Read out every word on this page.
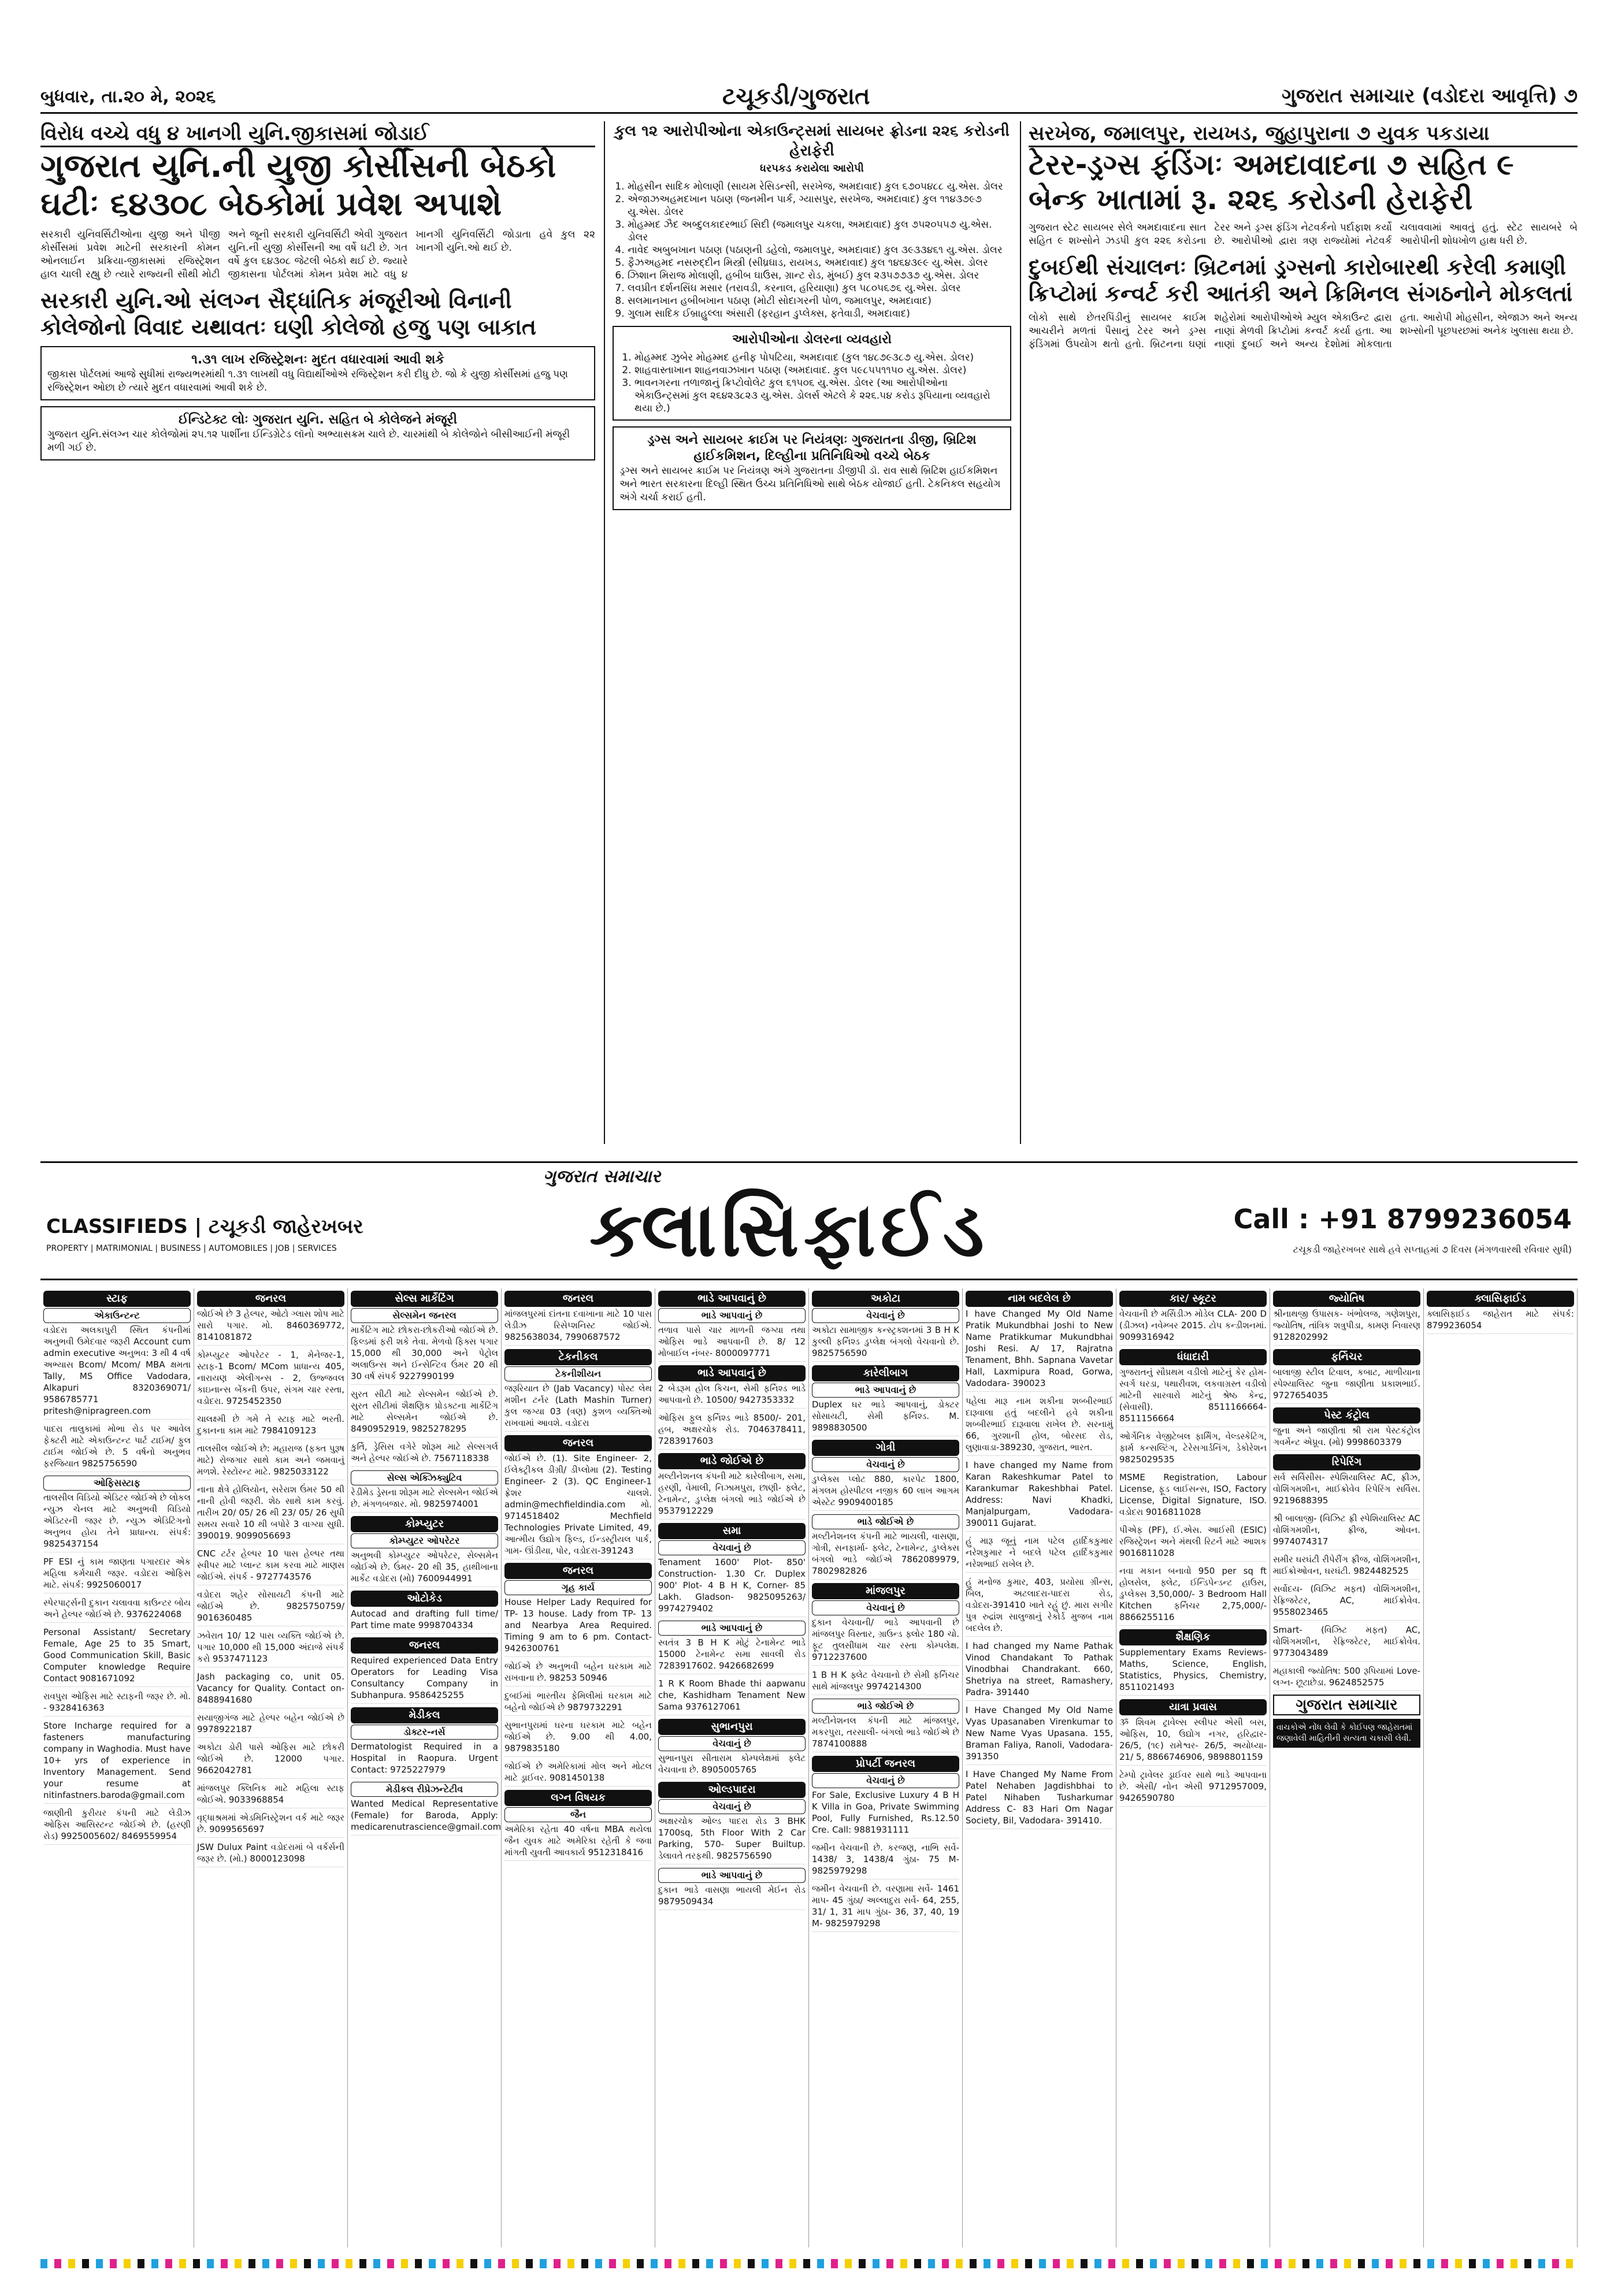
બુધવાર, તા.૨૦ મે, ૨૦૨૬	ટચૂકડી/ગુજરાત	ગુજરાત સમાચાર (વડોદરા આવૃત્તિ) ૭
વિરોધ વચ્ચે વધુ ૪ ખાનગી યુનિ.જીકાસમાં જોડાઈ
ગુજરાત યુનિ.ની યુજી કોર્સીસની બેઠકો ઘટીઃ ૬૪૩૦૮ બેઠકોમાં પ્રવેશ અપાશે
સરકારી યુનિવર્સિટીઓના યુજી અને પીજી કોર્સીસમાં પ્રવેશ માટેની સરકારની કોમન ઓનલાઈન પ્રક્રિયા-જીકાસમાં રજિસ્ટ્રેશન હાલ ચાલી રહ્યુ છે ત્યારે રાજ્યની સૌથી મોટી અને જૂની સરકારી યુનિવર્સિટી એવી ગુજરાત યુનિ.ની યુજી કોર્સીસની આ વર્ષે ઘટી છે. ગત વર્ષે કુલ ૬૪૩૦૮ જેટલી બેઠકો થઈ છે. જ્યારે જીકાસના પોર્ટલમાં કોમન પ્રવેશ માટે વધુ ૪ ખાનગી યુનિવર્સિટી જોડાતા હવે કુલ ૨૨ ખાનગી યુનિ.ઓ થઈ છે.
સરકારી યુનિ.ઓ સંલગ્ન સૈદ્ધાંતિક મંજૂરીઓ વિનાની કોલેજોનો વિવાદ યથાવતઃ ઘણી કોલેજો હજુ પણ બાકાત
૧.૩૧ લાખ રજિસ્ટ્રેશનઃ મુદત વધારવામાં આવી શકે
જીકાસ પોર્ટલમાં આજે સુધીમાં રાજ્યભરમાંથી ૧.૩૧ લાખથી વધુ વિદ્યાર્થીઓએ રજિસ્ટ્રેશન કરી દીધુ છે. જો કે યુજી કોર્સીસમાં હજુ પણ રજિસ્ટ્રેશન ઓછા છે ત્યારે મુદત વધારવામાં આવી શકે છે.
ઈન્ડિટેક્ટ લોઃ ગુજરાત યુનિ. સહિત બે કોલેજને મંજૂરી
ગુજરાત યુનિ.સંલગ્ન ચાર કોલેજોમાં ૨૫.૧૨ પાર્શીના ઈન્ડિગ્રેટેડ લૉનો અભ્યાસક્રમ ચાલે છે. ચારમાંથી બે કોલેજોને બીસીઆઈની મંજૂરી મળી ગઈ છે.
કુલ ૧૨ આરોપીઓના એકાઉન્ટ્સમાં સાયબર ફ્રોડના ૨૨૬ કરોડની હેરાફેરી
ધરપકડ કરાયેલા આરોપી
1. મોહસીન સાદિક મોલાણી (સાયમ રેસિડન્સી, સરખેજ, અમદાવાદ) કુલ ૬૭૦૫૪૮૮ યુ.એસ. ડોલર
2. એજાઝઅહમદખાન પઠાણ (જનમીન પાર્ક, ગ્યાસપુર, સરખેજ, અમદાવાદ) કુલ ૧૧૪૩૭૯૭ યુ.એસ. ડોલર
3. મોહમ્મદ ઝૈદ અબ્દુલકાદરભાઈ સિદી (જમાલપુર ચકલા, અમદાવાદ) કુલ ૭૫૨૦૫૫૭ યુ.એસ. ડોલર
4. નાવેદ અબુબખાન પઠાણ (પઠાણની ડહેલો, જમાલપુર, અમદાવાદ) કુલ ૩૯૩૩૪૬૧ યુ.એસ. ડોલર
5. ફૈઝઅહમદ નસરુદ્દીન મિસ્ત્રી (સીધ્રઘાડ, રાયખડ, અમદાવાદ) કુલ ૧૪૬૪૩૯૯ યુ.એસ. ડોલર
6. ઝિશાન મિરાજ મોલાણી, હબીબ ઘાઉસ, ગ્રાન્ટ રોડ, મુંબઈ) કુલ ૨૩૫૭૭૩૭ યુ.એસ. ડોલર
7. લવપ્રીત દર્શનસિંઘ મસાર (તરાવડી, કરનાલ, હરિયાણા) કુલ ૫૮૦૫૬૭૬ યુ.એસ. ડોલર
8. સલમાનખાન હબીબખાન પઠાણ (મોટી સોદાગરની પોળ, જમાલપુર, અમદાવાદ)
9. ગુલામ સાદિક ઈબ્રાહુલ્લા અંસારી (ફરહાન ડુપ્લેક્સ, ફતેવાડી, અમદાવાદ)
આરોપીઓના ડોલરના વ્યવહારો
1. મોહમ્મદ ઝુબેર મોહમ્મદ હનીફ પોપટિયા, અમદાવાદ (કુલ ૧૪૮૭૯૩૮૭ યુ.એસ. ડોલર)
2. શાહવાસ્તાખાન શાહનવાઝખાન પઠાણ (અમદાવાદ. કુલ ૫૯૮૫૫૧૧૫૦ યુ.એસ. ડોલર)
3. ભાવનગરના તળાજાનું ક્રિપ્ટોવોલેટ કુલ ૬૧૫૦૬ યુ.એસ. ડોલર (આ આરોપીઓના એકાઉન્ટ્સમાં કુલ ૨૬૪૨૩૮૨૩ યુ.એસ. ડોલર્સ એટલે કે ૨૨૬.૫૪ કરોડ રૂપિયાના વ્યવહારો થયા છે.)
ડ્રગ્સ અને સાયબર ક્રાઈમ પર નિયંત્રણઃ ગુજરાતના ડીજી, બ્રિટિશ હાઈકમિશન, દિલ્હીના પ્રતિનિધિઓ વચ્ચે બેઠક
ડ્રગ્સ અને સાયબર ક્રાઈમ પર નિયંત્રણ અંગે ગુજરાતના ડીજીપી ડૉ. રાવ સાથે બ્રિટિશ હાઈકમિશન અને ભારત સરકારના દિલ્હી સ્થિત ઉચ્ચ પ્રતિનિધિઓ સાથે બેઠક યોજાઈ હતી. ટેકનિકલ સહયોગ અંગે ચર્ચા કરાઈ હતી.
સરખેજ, જમાલપુર, રાયખડ, જુહાપુરાના ૭ યુવક પકડાયા
ટેરર-ડ્રગ્સ ફંડિંગઃ અમદાવાદના ૭ સહિત ૯ બેન્ક ખાતામાં રૂ. ૨૨૬ કરોડની હેરાફેરી
ગુજરાત સ્ટેટ સાયબર સેલે અમદાવાદના સાત સહિત ૯ શખ્સોને ઝડપી કુલ ૨૨૬ કરોડના ટેરર અને ડ્રગ્સ ફંડિંગ નેટવર્કનો પર્દાફાશ કર્યો છે. આરોપીઓ દ્વારા ત્રણ રાજ્યોમાં નેટવર્ક ચલાવવામાં આવતું હતું. સ્ટેટ સાયબરે બે આરોપીની શોધખોળ હાથ ધરી છે.
દુબઈથી સંચાલનઃ બ્રિટનમાં ડ્રગ્સનો કારોબારથી કરેલી કમાણી ક્રિપ્ટોમાં કન્વર્ટ કરી આતંકી અને ક્રિમિનલ સંગઠનોને મોકલતાં
લોકો સાથે છેતરપિંડીનું સાયબર ક્રાઈમ આચરીને મળતાં પૈસાનું ટેરર અને ડ્રગ્સ ફંડિંગમાં ઉપયોગ થતો હતો. બ્રિટનના ઘણાં શહેરોમાં આરોપીઓએ મ્યુલ એકાઉન્ટ દ્વારા નાણાં મેળવી ક્રિપ્ટોમાં કન્વર્ટ કર્યા હતા. આ નાણાં દુબઈ અને અન્ય દેશોમાં મોકલાતા હતા. આરોપી મોહસીન, એજાઝ અને અન્ય શખ્સોની પૂછપરછમાં અનેક ખુલાસા થયા છે.
CLASSIFIEDS | ટચૂકડી જાહેરખબર
PROPERTY | MATRIMONIAL | BUSINESS | AUTOMOBILES | JOB | SERVICES
ગુજરાત સમાચાર
ક્લાસિફાઈડ	Call : +91 8799236054
ટચૂકડી જાહેરખબર સાથે હવે સપ્તાહમાં ૭ દિવસ (મંગળવારથી રવિવાર સુધી)
સ્ટાફ
એકાઉન્ટન્ટ
વડોદરા અલકાપુરી સ્થિત કંપનીમાં અનુભવી ઉમેદવાર જરૂરી Account cum admin executive અનુભવ: 3 થી 4 વર્ષ અભ્યાસ Bcom/ Mcom/ MBA ક્ષમતા Tally, MS Office Vadodara, Alkapuri 8320369071/ 9586785771 pritesh@nipragreen.com
પાદરા તાલુકામાં મોભા રોડ પર આવેલ ફેક્ટરી માટે એકાઉન્ટન્ટ પાર્ટ ટાઈમ/ ફુલ ટાઈમ જોઈએ છે. 5 વર્ષનો અનુભવ ફરજિયાત 9825756590
ઓફિસસ્ટાફ
તાલસીલ વિડિયો એડિટર જોઈએ છે લોકલ ન્યુઝ ચેનલ માટે અનુભવી વિડિયો એડિટરની જરૂર છે. ન્યુઝ એડિટિંગનો અનુભવ હોય તેને પ્રાધાન્ય. સંપર્ક: 9825437154
PF ESI નું કામ જાણતા પગારદાર એક મહિલા કર્મચારી જરૂર. વડોદરા ઓફિસ માટે. સંપર્ક: 9925060017
સ્પેરપાર્ટ્સની દુકાન ચલાવવા કાઉન્ટર બોય અને હેલ્પર જોઈએ છે. 9376224068
Personal Assistant/ Secretary Female, Age 25 to 35 Smart, Good Communication Skill, Basic Computer knowledge Require Contact 9081671092
રાવપુરા ઓફિસ માટે સ્ટાફની જરૂર છે. મો. - 9328416363
Store Incharge required for a fasteners manufacturing company in Waghodia. Must have 10+ yrs of experience in Inventory Management. Send your resume at nitinfastners.baroda@gmail.com
જાણીતી કુરીયર કંપની માટે લેડીઝ ઓફિસ આસિસ્ટન્ટ જોઈએ છે. (હરણી રોડ) 9925005602/ 8469559954
જનરલ
જોઈએ છે 3 હેલ્પર, ઓટો ગ્લાસ શોપ માટે સારો પગાર. મો. 8460369772, 8141081872
કોમ્પ્યુટર ઓપરેટર - 1, મેનેજર-1, સ્ટાફ-1 Bcom/ MCom પ્રાધાન્ય 405, નારાયણ એલીગન્સ - 2, ઉજ્જવલ કાઇનાન્સ બેંકની ઉપર, સંગમ ચાર રસ્તા, વડોદરા. 9725452350
ચાલક્ષ્મી છે ગમે તે સ્ટાફ માટે ભરતી. દુકાનના કામ માટે 7984109123
તાલસીલ જોઈએ છે: મહારાજ (ફક્ત પુરૂષ માટે) રોજગાર સાથે કામ અને જમવાનું મળશે. રેસ્ટોરન્ટ માટે. 9825033122
નાના ક્ષેત્રે હોલિયોન, સરેરાશ ઉંમર 50 થી નાની હોવી જરૂરી. શેઠ સાથે કામ કરવું. તારીખ 20/ 05/ 26 થી 23/ 05/ 26 સુધી સમય સવારે 10 થી બપોરે 3 વાગ્યા સુધી. 390019. 9099056693
CNC ટર્ટર હેલ્પર 10 પાસ હેલ્પર તથા સ્વીપર માટે પ્લાન્ટ કામ કરવા માટે માણસ જોઈએ. સંપર્ક - 9727743576
વડોદરા શહેર સોસાયટી કંપની માટે જોઈએ છે. 9825750759/ 9016360485
ઝવેરાત 10/ 12 પાસ વ્યક્તિ જોઈએ છે. પગાર 10,000 થી 15,000 અંદાજે સંપર્ક કરો 9537471123
Jash packaging co, unit 05. Vacancy for Quality. Contact on- 8488941680
સયાજીગંજ માટે હેલ્પર બહેન જોઈએ છે 9978922187
અકોટા ડોરી પાસે ઓફિસ માટે છોકરી જોઈએ છે. 12000 પગાર. 9662042781
માંજલપુર ક્લિનિક માટે મહિલા સ્ટાફ જોઈએ. 9033968854
વૃદ્ધાશ્રમમાં એડમિનિસ્ટ્રેશન વર્ક માટે જરૂર છે. 9099565697
JSW Dulux Paint વડોદરામાં બે વર્કર્સની જરૂર છે. (મો.) 8000123098
સેલ્સ માર્કેટિંગ
સેલ્સમેન જનરલ
માર્કેટિંગ માટે છોકરા-છોકરીઓ જોઈએ છે. ફિલ્ડમાં ફરી શકે તેવા. મેળવો ફિક્સ પગાર 15,000 થી 30,000 અને પેટ્રોલ અલાઉન્સ અને ઈન્સેન્ટિવ ઉંમર 20 થી 30 વર્ષ સંપર્ક 9227990199
સુરત સીટી માટે સેલ્સમેન જોઈએ છે. સુરત સીટીમાં શૈક્ષણિક પ્રોડક્ટના માર્કેટિંગ માટે સેલ્સમેન જોઈએ છે. 8490952919, 9825278295
કુર્તિ, ડ્રેસિસ વગેરે શોરૂમ માટે સેલ્સગર્લ અને હેલ્પર જોઈએ છે. 7567118338
સેલ્સ એક્ઝિક્યુટિવ
રેડીમેડ ડ્રેસના શોરૂમ માટે સેલ્સમેન જોઈએ છે. મંગળબજાર. મો. 9825974001
કોમ્પ્યુટર
કોમ્પ્યુટર ઓપરેટર
અનુભવી કોમ્પ્યુટર ઓપરેટર, સેલ્સમેન જોઈએ છે. ઉંમર- 20 થી 35, હાથીખાના માર્કેટ વડોદરા (મો) 7600944991
ઓટોકેડ
Autocad and drafting full time/ Part time mate 9998704334
જનરલ
Required experienced Data Entry Operators for Leading Visa Consultancy Company in Subhanpura. 9586425255
મેડીકલ
ડોક્ટર-નર્સ
Dermatologist Required in a Hospital in Raopura. Urgent Contact: 9725227979
મેડીકલ રીપ્રેઝન્ટેટીવ
Wanted Medical Representative (Female) for Baroda, Apply: medicarenutrascience@gmail.com
જનરલ
માંજલપુરમાં દાંતના દવાખાના માટે 10 પાસ લેડીઝ રિસેપ્શનિસ્ટ જોઈએ. 9825638034, 7990687572
ટેકનીકલ
ટેકનીશીયન
જરૂરિયાત છે (Jab Vacancy) પોસ્ટ લેથ મશીન ટર્નર (Lath Mashin Turner) કુલ જગ્યા 03 (ત્રણ) કુશળ વ્યક્તિઓ રાખવામાં આવશે. વડોદરા
જનરલ
જોઈએ છે. (1). Site Engineer- 2, ઈલેક્ટ્રીકલ ડીગ્રી/ ડીપ્લોમા (2). Testing Engineer- 2 (3). QC Engineer-1 ફ્રેશર ચાલશે. admin@mechfieldindia.com મો. 9714518402 Mechfield Technologies Private Limited, 49, આત્મીય ઉદ્યોગ ફિલ્ડ, ઈન્ડસ્ટ્રીયલ પાર્ક, ગામ- ઊંડીયા, પોર, વડોદરા-391243
જનરલ
ગૃહ કાર્ય
House Helper Lady Required for TP- 13 house. Lady from TP- 13 and Nearbya Area Required. Timing 9 am to 6 pm. Contact- 9426300761
જોઈએ છે અનુભવી બહેન ઘરકામ માટે રાખવાના છે. 98253 50946
દુબઈમાં ભારતીય ફેમિલીમાં ઘરકામ માટે બહેનો જોઈએ છે 9879732291
સુભાનપુરામાં ઘરના ઘરકામ માટે બહેન જોઈએ છે. 9.00 થી 4.00, 9879835180
જોઈએ છે અમેરિકામાં મોલ અને મોટલ માટે ડ્રાઈવર. 9081450138
લગ્ન વિષયક
જૈન
અમેરિકા રહેતા 40 વર્ષના MBA થયેલા જૈન યુવક માટે અમેરિકા રહેતી કે જવા માંગતી યુવતી આવકાર્ય 9512318416
ભાડે આપવાનું છે
ભાડે આપવાનું છે
તળાવ પાસે ચાર માળની જગ્યા તથા ઓફિસ ભાડે આપવાની છે. 8/ 12 મોબાઈલ નંબર- 8000097771
ભાડે આપવાનું છે
2 બેડરૂમ હોલ કિચન, સેમી ફર્નિશ્ડ ભાડે આપવાનો છે. 10500/ 9427353332
ઓફિસ ફુલ ફર્નિશ્ડ ભાડે 8500/- 201, હબ, અક્ષરચોક રોડ. 7046378411, 7283917603
ભાડે જોઈએ છે
મલ્ટીનેશનલ કંપની માટે કારેલીબાગ, સમા, હરણી, વેમાલી, નિઝામપુરા, છાણી- ફ્લેટ, ટેનામેન્ટ, ડુપ્લેક્ષ બંગલો ભાડે જોઈએ છે 9537912229
સમા
વેચવાનું છે
Tenament 1600' Plot- 850' Construction- 1.30 Cr. Duplex 900' Plot- 4 B H K, Corner- 85 Lakh. Gladson- 9825095263/ 9974279402
ભાડે આપવાનું છે
સ્વતંત્ર 3 B H K મોટું ટેનામેન્ટ ભાડે 15000 ટેનામેન્ટ સમા સાવલી રોડ 7283917602. 9426682699
1 R K Room Bhade thi aapwanu che, Kashidham Tenament New Sama 9376127061
સુભાનપુરા
વેચવાનું છે
સુભાનપુરા સીતારામ કોમ્પલેક્ષમાં ફ્લેટ વેચવાના છે. 8905005765
ઓલ્ડપાદરા
વેચવાનું છે
અક્ષરચોક ઓલ્ડ પાદરા રોડ 3 BHK 1700sq, 5th Floor With 2 Car Parking, 570- Super Builtup. ડેલાવતે તરફથી. 9825756590
ભાડે આપવાનું છે
દુકાન ભાડે વાસણા ભાયલી મેઈન રોડ 9879509434
અકોટા
વેચવાનું છે
અકોટા સામાજીક કન્સ્ટ્રક્શનમાં 3 B H K કુલ્લી ફર્નિશ્ડ ડુપ્લેક્ષ બંગલો વેચવાનો છે. 9825756590
કારેલીબાગ
ભાડે આપવાનું છે
Duplex ઘર ભાડે આપવાનું, ડોક્ટર સોસાયટી, સેમી ફર્નિશ્ડ. M. 9898830500
ગોત્રી
વેચવાનું છે
ડુપ્લેક્સ પ્લોટ 880, કારપેટ 1800, મંગલમ હોસ્પીટલ નજીક 60 લાખ આગમ એસ્ટેટ 9909400185
ભાડે જોઈએ છે
મલ્ટીનેશનલ કંપની માટે ભાયલી, વાસણા, ગોત્રી, સનફાર્મા- ફ્લેટ, ટેનામેન્ટ, ડુપ્લેક્સ બંગલો ભાડે જોઈએ 7862089979, 7802982826
માંજલપુર
વેચવાનું છે
દુકાન વેચવાની/ ભાડે આપવાની છે માંજલપુર વિસ્તાર, ગ્રાઉન્ડ ફ્લોર 180 ચો. ફૂટ તુલસીધામ ચાર રસ્તા કોમ્પલેક્ષ. 9712237600
1 B H K ફ્લેટ વેચવાનો છે સેમી ફર્નિચર સાથે માંજલપુર 9974214300
ભાડે જોઈએ છે
મલ્ટીનેશનલ કંપની માટે માંજલપુર, મકરપુરા, તરસાલી- બંગલો ભાડે જોઈએ છે 7874100888
પ્રોપર્ટી જનરલ
વેચવાનું છે
For Sale, Exclusive Luxury 4 B H K Villa in Goa, Private Swimming Pool, Fully Furnished, Rs.12.50 Cre. Call: 9881931111
જમીન વેચવાની છે. કરજણ, નાભિ સર્વે- 1438/ 3, 1438/4 ગુંઠા- 75 M- 9825979298
જમીન વેચવાની છે. વરણામા સર્વે- 1461 માપ- 45 ગુંઠા/ અલ્લાદુરા સર્વે- 64, 255, 31/ 1, 31 માપ ગુંઠા- 36, 37, 40, 19 M- 9825979298
નામ બદલેલ છે
I have Changed My Old Name Pratik Mukundbhai Joshi to New Name Pratikkumar Mukundbhai Joshi Resi. A/ 17, Rajratna Tenament, Bhh. Sapnana Vavetar Hall, Laxmipura Road, Gorwa, Vadodara- 390023
પહેલા મારૂ નામ શકીના શબ્બીરભાઈ દારૂવાલા હતું બદલીને હવે શકીના શબ્બીરભાઈ દારૂવાલા રાખેલ છે. સરનામું 66, ગુરશાની હોલ, બોરસદ રોડ, લુણાવાડા-389230, ગુજરાત, ભારત.
I have changed my Name from Karan Rakeshkumar Patel to Karankumar Rakeshbhai Patel. Address: Navi Khadki, Manjalpurgam, Vadodara- 390011 Gujarat.
હું મારૂ જૂનું નામ પટેલ હાર્દિકકુમાર નરેશકુમાર ને બદલે પટેલ હાર્દિકકુમાર નરેશભાઈ રાખેલ છે.
હું મનોજ કુમાર, 403, પ્રયોસા ગ્રીન્સ, બિલ, અટલાદરા-પાદરા રોડ, વડોદરા-391410 ખાતે રહું છું. મારા સગીર પુત્ર રુદ્રાંશ સાલુજાનું રેકોર્ડ મુજબ નામ બદલેલ છે.
I had changed my Name Pathak Vinod Chandakant To Pathak Vinodbhai Chandrakant. 660, Shetriya na street, Ramashery, Padra- 391440
I Have Changed My Old Name Vyas Upasanaben Virenkumar to New Name Vyas Upasana. 155, Braman Faliya, Ranoli, Vadodara- 391350
I Have Changed My Name From Patel Nehaben Jagdishbhai to Patel Nihaben Tusharkumar Address C- 83 Hari Om Nagar Society, Bil, Vadodara- 391410.
કાર/ સ્કૂટર
વેચવાની છે મર્સિડીઝ મોડેલ CLA- 200 D (ડીઝલ) નવેમ્બર 2015. ટોપ કન્ડીશનમાં. 9099316942
ધંધાદારી
ગુજરાતનું સૌપ્રથમ વડીલો માટેનું કેર હોમ- સ્વર્ગ ઘરડા, પથારીવશ, લકવાગ્રસ્ત વડીલો માટેની સારવારો માટેનું શ્રેષ્ઠ કેન્દ્ર, (સેવાસી). 8511166664- 8511156664
ઓર્ગેનિક વેજીટેબલ ફાર્મિંગ, વેલ્ડસ્કેટિંગ, ફાર્મ કન્સલ્ટિંગ, ટેરેસગાર્ડનિંગ, ડેકોરેશન 9825029535
MSME Registration, Labour License, ફૂડ લાઈસન્સ, ISO, Factory License, Digital Signature, ISO. વડોદરા 9016811028
પીએફ (PF), ઈ.એસ. આઈસી (ESIC) રજિસ્ટ્રેશન અને મંથલી રિટર્ન માટે આશક 9016811028
નવા મકાન બનાવો 950 per sq ft હોલસેલ, ફ્લેટ, ઈન્ડિપેન્ડન્ટ હાઉસ, ડુપ્લેક્સ 3,50,000/- 3 Bedroom Hall Kitchen ફર્નિચર 2,75,000/- 8866255116
શૈક્ષણિક
Supplementary Exams Reviews- Maths, Science, English, Statistics, Physics, Chemistry, 8511021493
યાત્રા પ્રવાસ
ૐ શિવમ ટ્રાવેલ્સ સ્લીપર એસી બસ, ઓફિસ, 10, ઉદ્યોગ નગર, હરિદ્વાર- 26/5, (૧૯) રામેશ્વર- 26/5, અયોધ્યા- 21/ 5, 8866746906, 9898801159
ટેમ્પો ટ્રાવેલર ડ્રાઈવર સાથે ભાડે આપવાના છે. એસી/ નોન એસી 9712957009, 9426590780
જ્યોતિષ
શ્રીનાથજી ઉપાસક- ખંભોલજ, ગણેશપુરા, જ્યોતિષ, તાંત્રિક શત્રુપીડા, કામણ નિવારણ 9128202992
ફર્નિચર
બાલાજી સ્ટીલ ટિવાલ, કબાટ, માળીયાના સ્પેશ્યાલિસ્ટ જુના જાણીતા પ્રકાશભાઈ. 9727654035
પેસ્ટ કંટ્રોલ
જુના અને જાણીતા શ્રી રામ પેસ્ટકંટ્રોલ ગવર્મેન્ટ એપ્રૂવ. (મો) 9998603379
રિપેરિંગ
સર્વ સર્વિસીસ- સ્પેશિયાલિસ્ટ AC, ફ્રીઝ, વોશિંગમશીન, માઈક્રોવેવ રિપેરિંગ સર્વિસ. 9219688395
શ્રી બાલાજી- (વિઝિટ ફ્રી સ્પેશિયાલિસ્ટ AC વોશિંગમશીન, ફ્રીજ, ઓવન. 9974074317
સમીર ઘરઘંટી રીપેરીંગ ફ્રીજ, વોશિંગમશીન, માઈક્રોઓવન, ઘરઘંટી. 9824482525
સર્વોદય- (વિઝિટ મફત) વોશિંગમશીન, રેફ્રિજરેટર, AC, માઈક્રોવેવ. 9558023465
Smart- (વિઝિટ મફત) AC, વોશિંગમશીન, રેફ્રિજરેટર, માઈક્રોવેવ. 9773043489
મહાકાલી જ્યોતિષ: 500 રૂપિયામાં Love- લગ્ન- છૂટાછેડા. 9624852575
ગુજરાત સમાચાર
વાચકોએ નોંધ લેવી કે કોઈપણ જાહેરાતમાં જણાવેલી માહિતીની સત્યતા ચકાસી લેવી.
ક્લાસિફાઈડ
ક્લાસિફાઈડ જાહેરાત માટે સંપર્ક: 8799236054
